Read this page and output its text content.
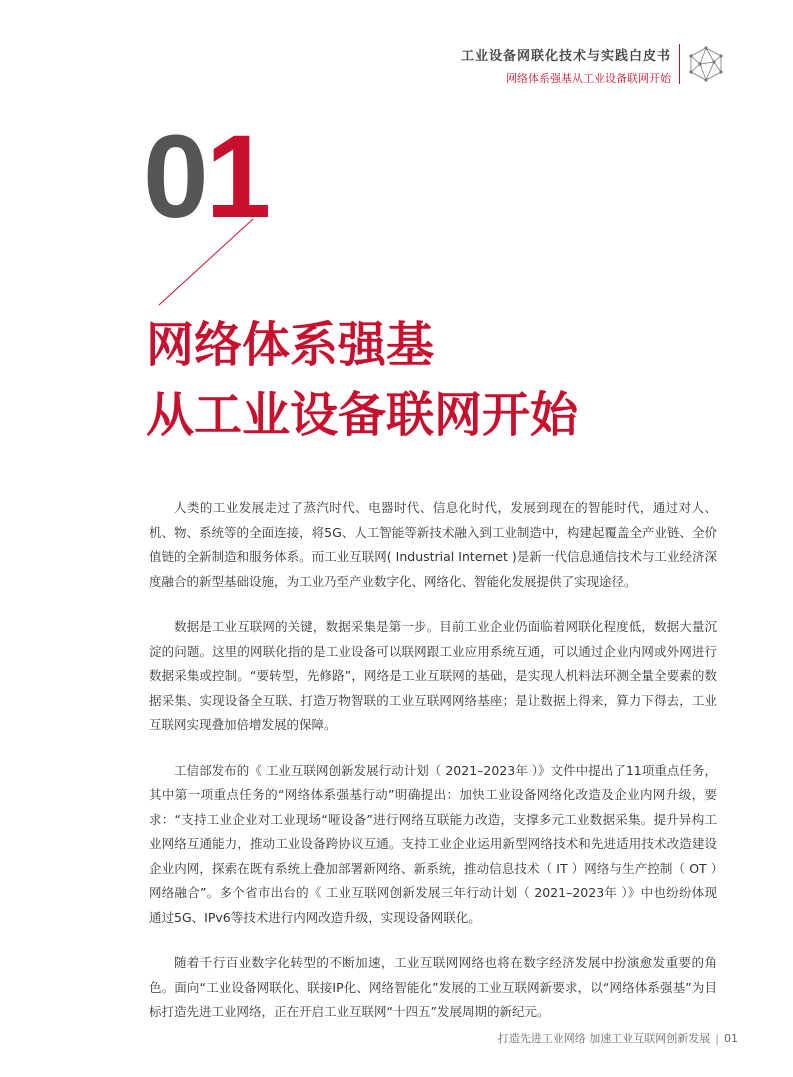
工业设备网联化技术与实践白皮书
网络体系强基从工业设备联网开始
01
网络体系强基
从工业设备联网开始

人类的工业发展走过了蒸汽时代、电器时代、信息化时代，发展到现在的智能时代，通过对人、机、物、系统等的全面连接，将5G、人工智能等新技术融入到工业制造中，构建起覆盖全产业链、全价值链的全新制造和服务体系。而工业互联网( Industrial Internet )是新一代信息通信技术与工业经济深度融合的新型基础设施，为工业乃至产业数字化、网络化、智能化发展提供了实现途径。

数据是工业互联网的关键，数据采集是第一步。目前工业企业仍面临着网联化程度低，数据大量沉淀的问题。这里的网联化指的是工业设备可以联网跟工业应用系统互通，可以通过企业内网或外网进行数据采集或控制。“要转型，先修路”，网络是工业互联网的基础，是实现人机料法环测全量全要素的数据采集、实现设备全互联、打造万物智联的工业互联网网络基座；是让数据上得来，算力下得去，工业互联网实现叠加倍增发展的保障。

工信部发布的《 工业互联网创新发展行动计划（ 2021–2023年 ）》文件中提出了11项重点任务，其中第一项重点任务的“网络体系强基行动”明确提出：加快工业设备网络化改造及企业内网升级，要求：“支持工业企业对工业现场“哑设备”进行网络互联能力改造，支撑多元工业数据采集。提升异构工业网络互通能力，推动工业设备跨协议互通。支持工业企业运用新型网络技术和先进适用技术改造建设企业内网，探索在既有系统上叠加部署新网络、新系统，推动信息技术（ IT ）网络与生产控制（ OT ）网络融合”。多个省市出台的《 工业互联网创新发展三年行动计划（ 2021–2023年 ）》中也纷纷体现通过5G、IPv6等技术进行内网改造升级，实现设备网联化。

随着千行百业数字化转型的不断加速，工业互联网网络也将在数字经济发展中扮演愈发重要的角色。面向“工业设备网联化、联接IP化、网络智能化”发展的工业互联网新要求，以“网络体系强基”为目标打造先进工业网络，正在开启工业互联网“十四五”发展周期的新纪元。

打造先进工业网络 加速工业互联网创新发展 | 01
